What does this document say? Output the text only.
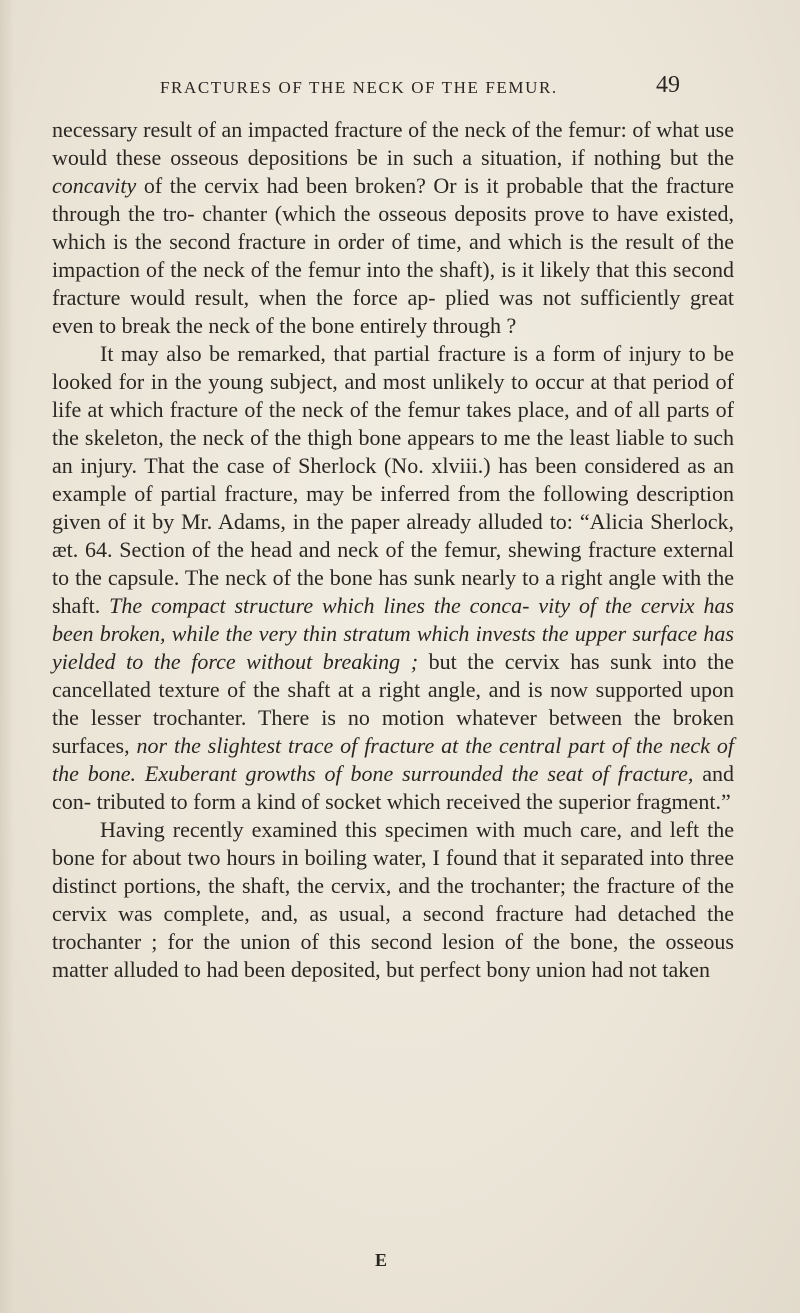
FRACTURES OF THE NECK OF THE FEMUR.	49

necessary result of an impacted fracture of the neck of the femur: of what use would these osseous depositions be in such a situation, if nothing but the concavity of the cervix had been broken? Or is it probable that the fracture through the tro- chanter (which the osseous deposits prove to have existed, which is the second fracture in order of time, and which is the result of the impaction of the neck of the femur into the shaft), is it likely that this second fracture would result, when the force ap- plied was not sufficiently great even to break the neck of the bone entirely through ?

It may also be remarked, that partial fracture is a form of injury to be looked for in the young subject, and most unlikely to occur at that period of life at which fracture of the neck of the femur takes place, and of all parts of the skeleton, the neck of the thigh bone appears to me the least liable to such an injury. That the case of Sherlock (No. xlviii.) has been considered as an example of partial fracture, may be inferred from the following description given of it by Mr. Adams, in the paper already alluded to: “Alicia Sherlock, æt. 64. Section of the head and neck of the femur, shewing fracture external to the capsule. The neck of the bone has sunk nearly to a right angle with the shaft. The compact structure which lines the conca- vity of the cervix has been broken, while the very thin stratum which invests the upper surface has yielded to the force without breaking ; but the cervix has sunk into the cancellated texture of the shaft at a right angle, and is now supported upon the lesser trochanter. There is no motion whatever between the broken surfaces, nor the slightest trace of fracture at the central part of the neck of the bone. Exuberant growths of bone surrounded the seat of fracture, and con- tributed to form a kind of socket which received the superior fragment.”

Having recently examined this specimen with much care, and left the bone for about two hours in boiling water, I found that it separated into three distinct portions, the shaft, the cervix, and the trochanter; the fracture of the cervix was complete, and, as usual, a second fracture had detached the trochanter ; for the union of this second lesion of the bone, the osseous matter alluded to had been deposited, but perfect bony union had not taken

E
